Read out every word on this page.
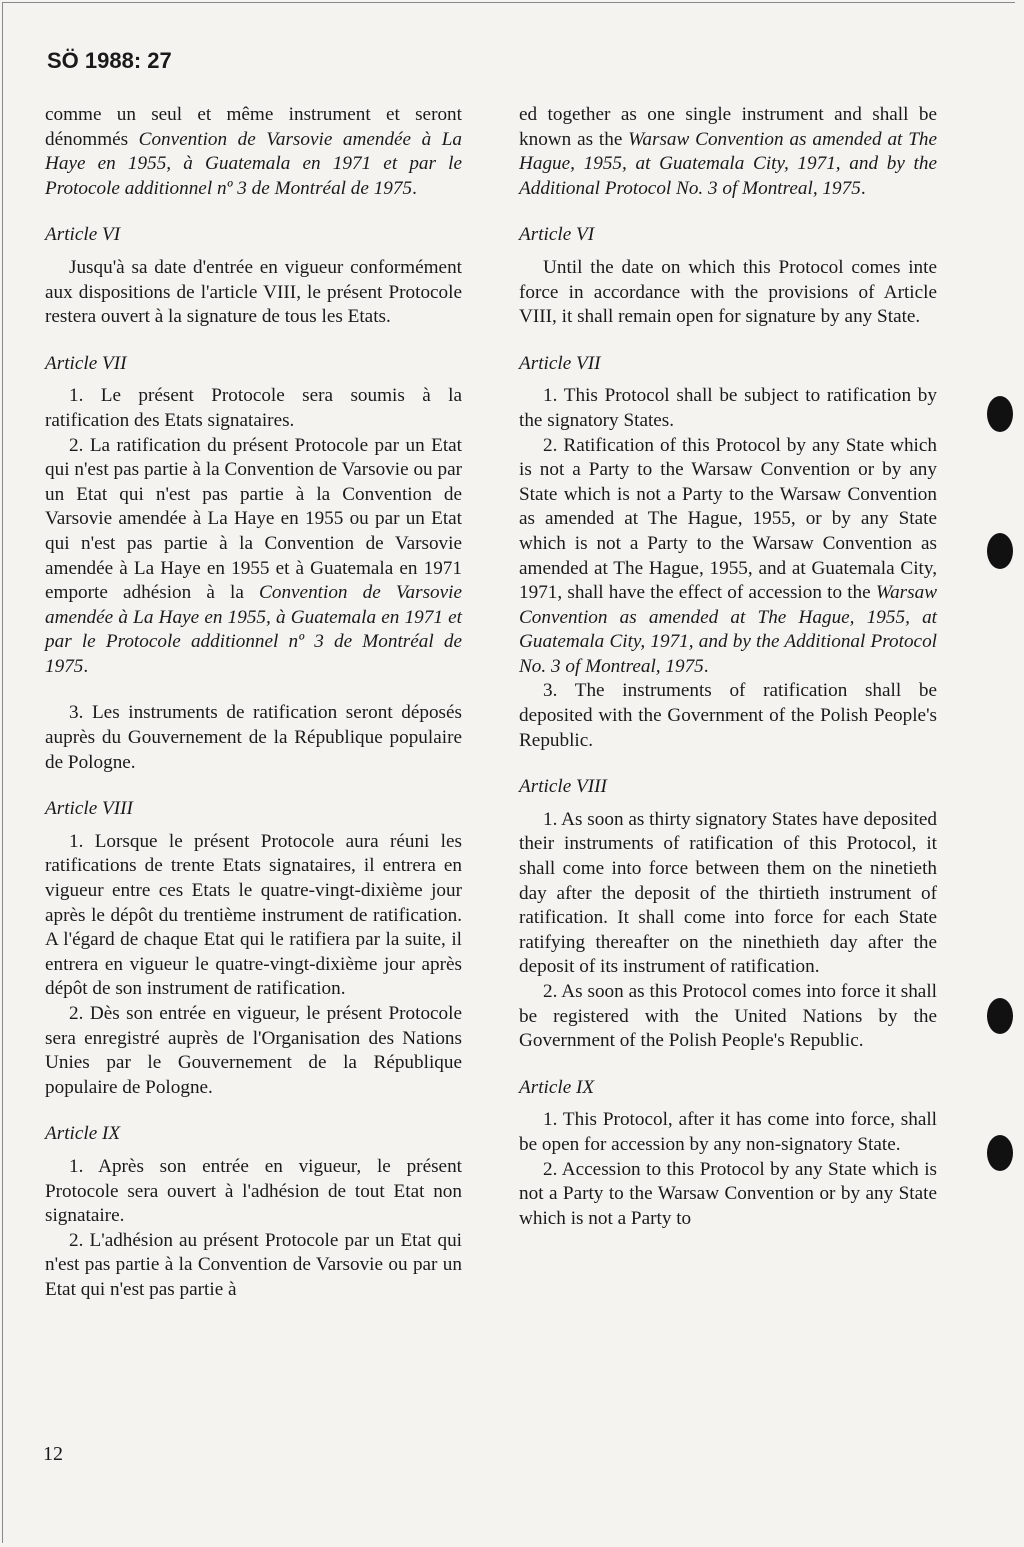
SÖ 1988: 27

comme un seul et même instrument et seront dénommés Convention de Varsovie amendée à La Haye en 1955, à Guatemala en 1971 et par le Protocole additionnel nº 3 de Montréal de 1975.

Article VI

Jusqu'à sa date d'entrée en vigueur conformément aux dispositions de l'article VIII, le présent Protocole restera ouvert à la signature de tous les Etats.

Article VII

1. Le présent Protocole sera soumis à la ratification des Etats signataires.

2. La ratification du présent Protocole par un Etat qui n'est pas partie à la Convention de Varsovie ou par un Etat qui n'est pas partie à la Convention de Varsovie amendée à La Haye en 1955 ou par un Etat qui n'est pas partie à la Convention de Varsovie amendée à La Haye en 1955 et à Guatemala en 1971 emporte adhésion à la Convention de Varsovie amendée à La Haye en 1955, à Guatemala en 1971 et par le Protocole additionnel nº 3 de Montréal de 1975.

3. Les instruments de ratification seront déposés auprès du Gouvernement de la République populaire de Pologne.

Article VIII

1. Lorsque le présent Protocole aura réuni les ratifications de trente Etats signataires, il entrera en vigueur entre ces Etats le quatre-vingt-dixième jour après le dépôt du trentième instrument de ratification. A l'égard de chaque Etat qui le ratifiera par la suite, il entrera en vigueur le quatre-vingt-dixième jour après dépôt de son instrument de ratification.

2. Dès son entrée en vigueur, le présent Protocole sera enregistré auprès de l'Organisation des Nations Unies par le Gouvernement de la République populaire de Pologne.

Article IX

1. Après son entrée en vigueur, le présent Protocole sera ouvert à l'adhésion de tout Etat non signataire.

2. L'adhésion au présent Protocole par un Etat qui n'est pas partie à la Convention de Varsovie ou par un Etat qui n'est pas partie à

ed together as one single instrument and shall be known as the Warsaw Convention as amended at The Hague, 1955, at Guatemala City, 1971, and by the Additional Protocol No. 3 of Montreal, 1975.

Article VI

Until the date on which this Protocol comes inte force in accordance with the provisions of Article VIII, it shall remain open for signature by any State.

Article VII

1. This Protocol shall be subject to ratification by the signatory States.

2. Ratification of this Protocol by any State which is not a Party to the Warsaw Convention or by any State which is not a Party to the Warsaw Convention as amended at The Hague, 1955, or by any State which is not a Party to the Warsaw Convention as amended at The Hague, 1955, and at Guatemala City, 1971, shall have the effect of accession to the Warsaw Convention as amended at The Hague, 1955, at Guatemala City, 1971, and by the Additional Protocol No. 3 of Montreal, 1975.

3. The instruments of ratification shall be deposited with the Government of the Polish People's Republic.

Article VIII

1. As soon as thirty signatory States have deposited their instruments of ratification of this Protocol, it shall come into force between them on the ninetieth day after the deposit of the thirtieth instrument of ratification. It shall come into force for each State ratifying thereafter on the ninethieth day after the deposit of its instrument of ratification.

2. As soon as this Protocol comes into force it shall be registered with the United Nations by the Government of the Polish People's Republic.

Article IX

1. This Protocol, after it has come into force, shall be open for accession by any non-signatory State.

2. Accession to this Protocol by any State which is not a Party to the Warsaw Convention or by any State which is not a Party to

12
